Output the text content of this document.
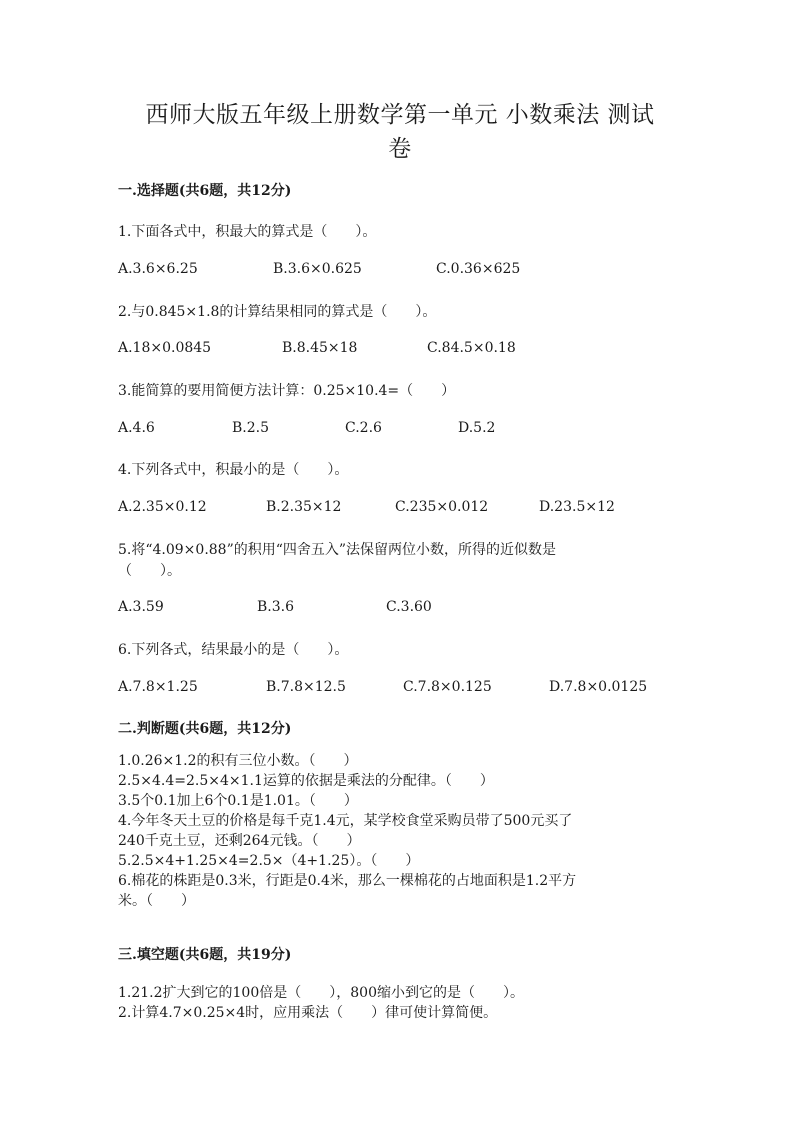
西师大版五年级上册数学第一单元 小数乘法 测试
卷
一.选择题(共6题，共12分)
1.下面各式中，积最大的算式是（　　）。
A.3.6×6.25	B.3.6×0.625	C.0.36×625
2.与0.845×1.8的计算结果相同的算式是（　　）。
A.18×0.0845	B.8.45×18	C.84.5×0.18
3.能简算的要用简便方法计算：0.25×10.4=（　　）
A.4.6	B.2.5	C.2.6	D.5.2
4.下列各式中，积最小的是（　　）。
A.2.35×0.12	B.2.35×12	C.235×0.012	D.23.5×12
5.将“4.09×0.88”的积用“四舍五入”法保留两位小数，所得的近似数是
（　　）。
A.3.59	B.3.6	C.3.60
6.下列各式，结果最小的是（　　）。
A.7.8×1.25	B.7.8×12.5	C.7.8×0.125	D.7.8×0.0125
二.判断题(共6题，共12分)
1.0.26×1.2的积有三位小数。（　　）
2.5×4.4=2.5×4×1.1运算的依据是乘法的分配律。（　　）
3.5个0.1加上6个0.1是1.01。（　　）
4.今年冬天土豆的价格是每千克1.4元，某学校食堂采购员带了500元买了
240千克土豆，还剩264元钱。（　　）
5.2.5×4+1.25×4=2.5×（4+1.25）。（　　）
6.棉花的株距是0.3米，行距是0.4米，那么一棵棉花的占地面积是1.2平方
米。（　　）
三.填空题(共6题，共19分)
1.21.2扩大到它的100倍是（　　），800缩小到它的是（　　）。
2.计算4.7×0.25×4时，应用乘法（　　）律可使计算简便。
